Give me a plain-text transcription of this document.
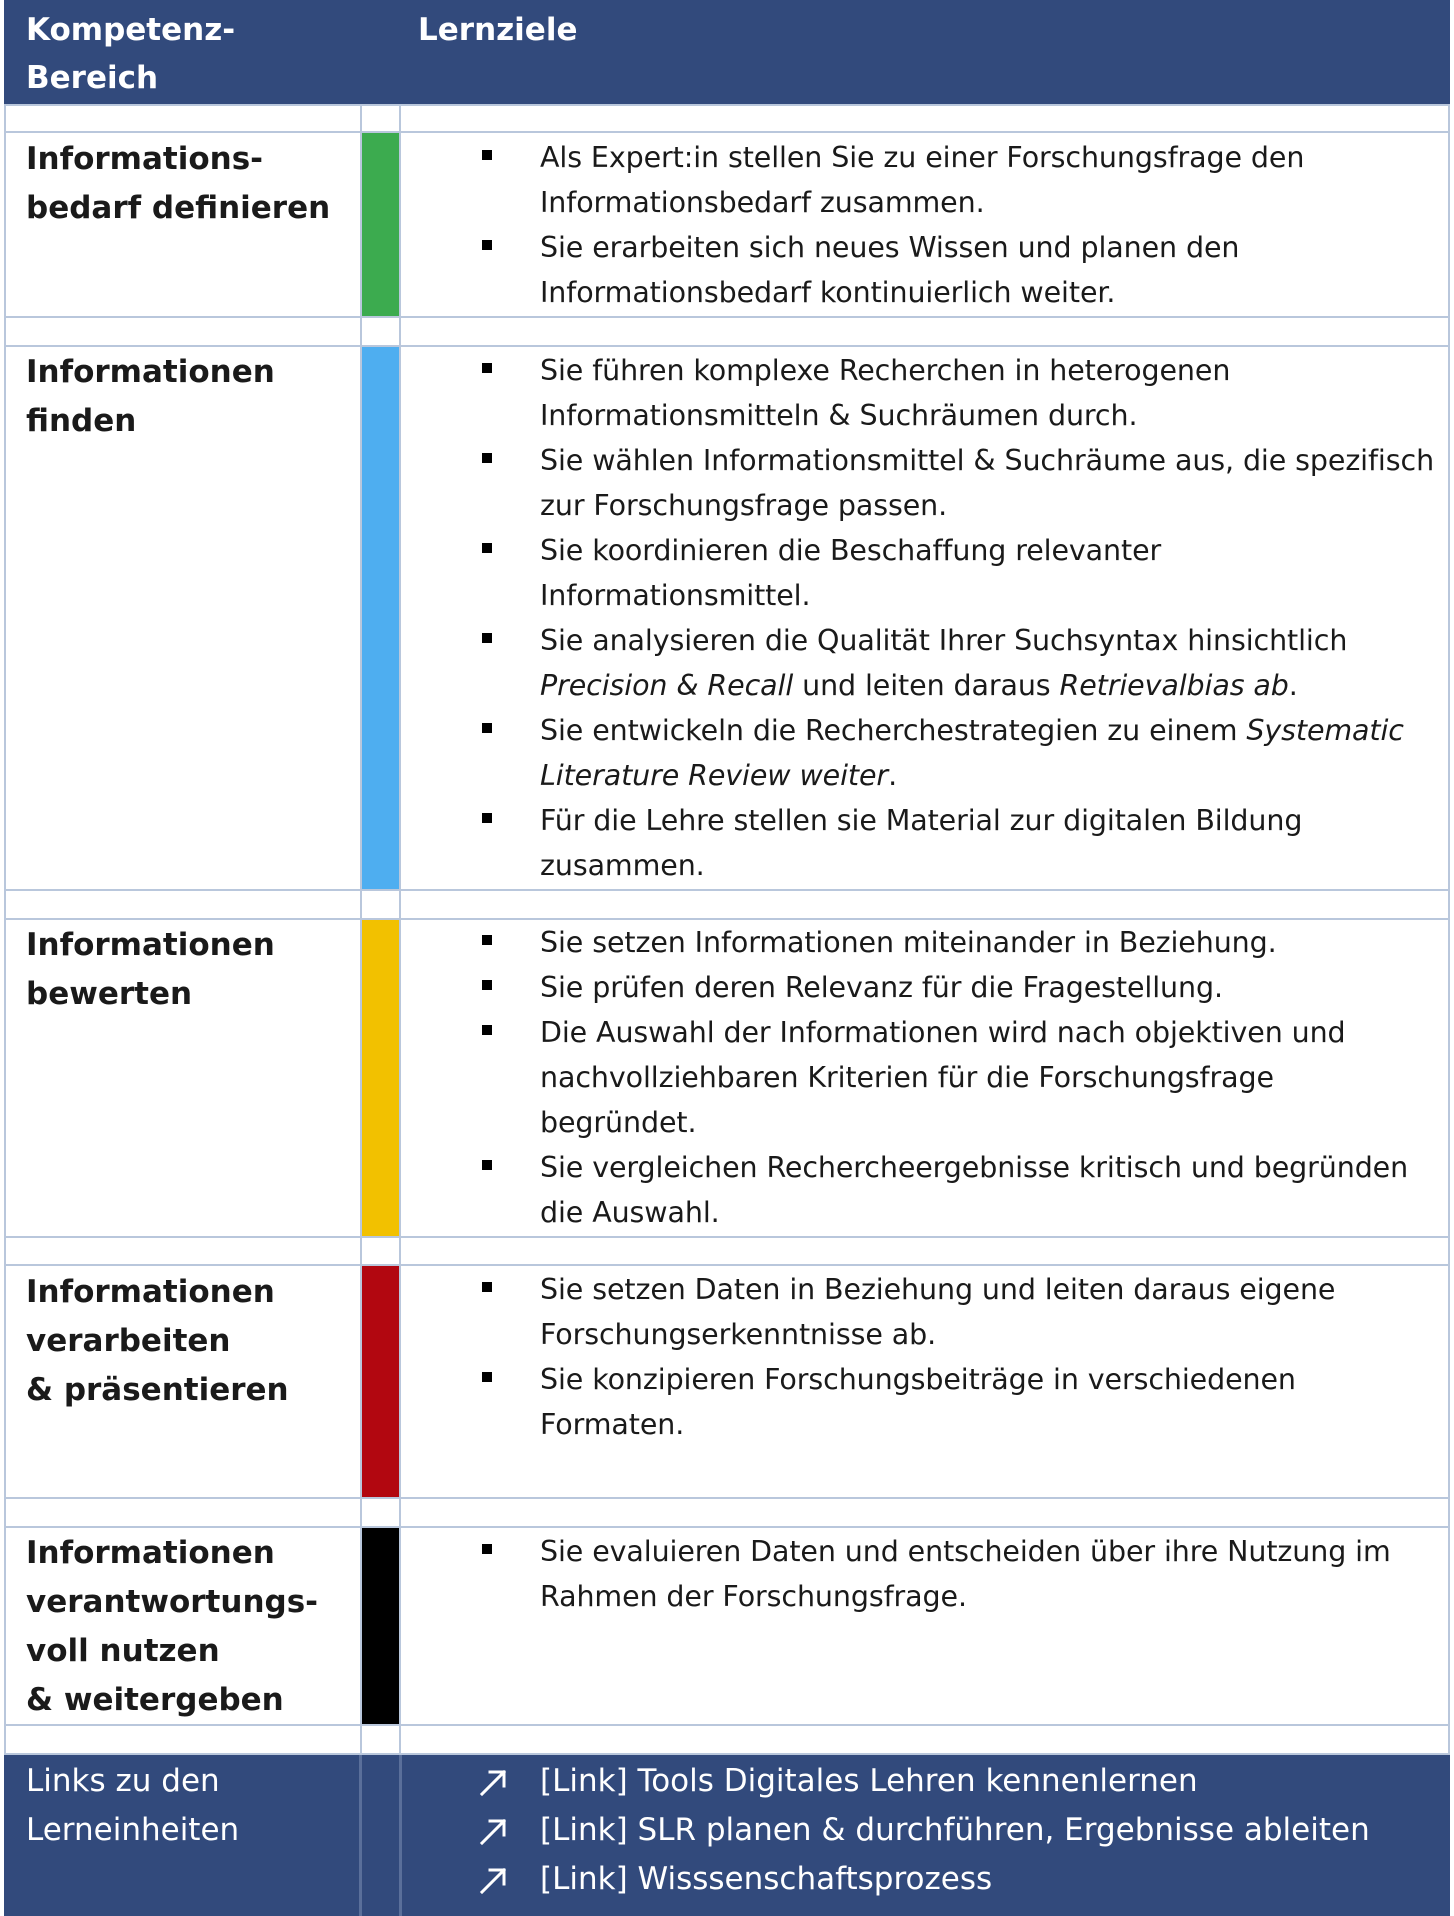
Kompetenz-
Bereich
Lernziele
Informations-
bedarf definieren
Als Expert:in stellen Sie zu einer Forschungsfrage den Informationsbedarf zusammen.
Sie erarbeiten sich neues Wissen und planen den Informationsbedarf kontinuierlich weiter.
Informationen
finden
Sie führen komplexe Recherchen in heterogenen Informationsmitteln & Suchräumen durch.
Sie wählen Informationsmittel & Suchräume aus, die spezifisch zur Forschungsfrage passen.
Sie koordinieren die Beschaffung relevanter Informationsmittel.
Sie analysieren die Qualität Ihrer Suchsyntax hinsichtlich Precision & Recall und leiten daraus Retrievalbias ab.
Sie entwickeln die Recherchestrategien zu einem Systematic Literature Review weiter.
Für die Lehre stellen sie Material zur digitalen Bildung zusammen.
Informationen
bewerten
Sie setzen Informationen miteinander in Beziehung.
Sie prüfen deren Relevanz für die Fragestellung.
Die Auswahl der Informationen wird nach objektiven und nachvollziehbaren Kriterien für die Forschungsfrage begründet.
Sie vergleichen Rechercheergebnisse kritisch und begründen die Auswahl.
Informationen
verarbeiten
& präsentieren
Sie setzen Daten in Beziehung und leiten daraus eigene Forschungserkenntnisse ab.
Sie konzipieren Forschungsbeiträge in verschiedenen Formaten.
Informationen
verantwortungs-
voll nutzen
& weitergeben
Sie evaluieren Daten und entscheiden über ihre Nutzung im Rahmen der Forschungsfrage.
Links zu den
Lerneinheiten
[Link] Tools Digitales Lehren kennenlernen
[Link] SLR planen & durchführen, Ergebnisse ableiten
[Link] Wisssenschaftsprozess
